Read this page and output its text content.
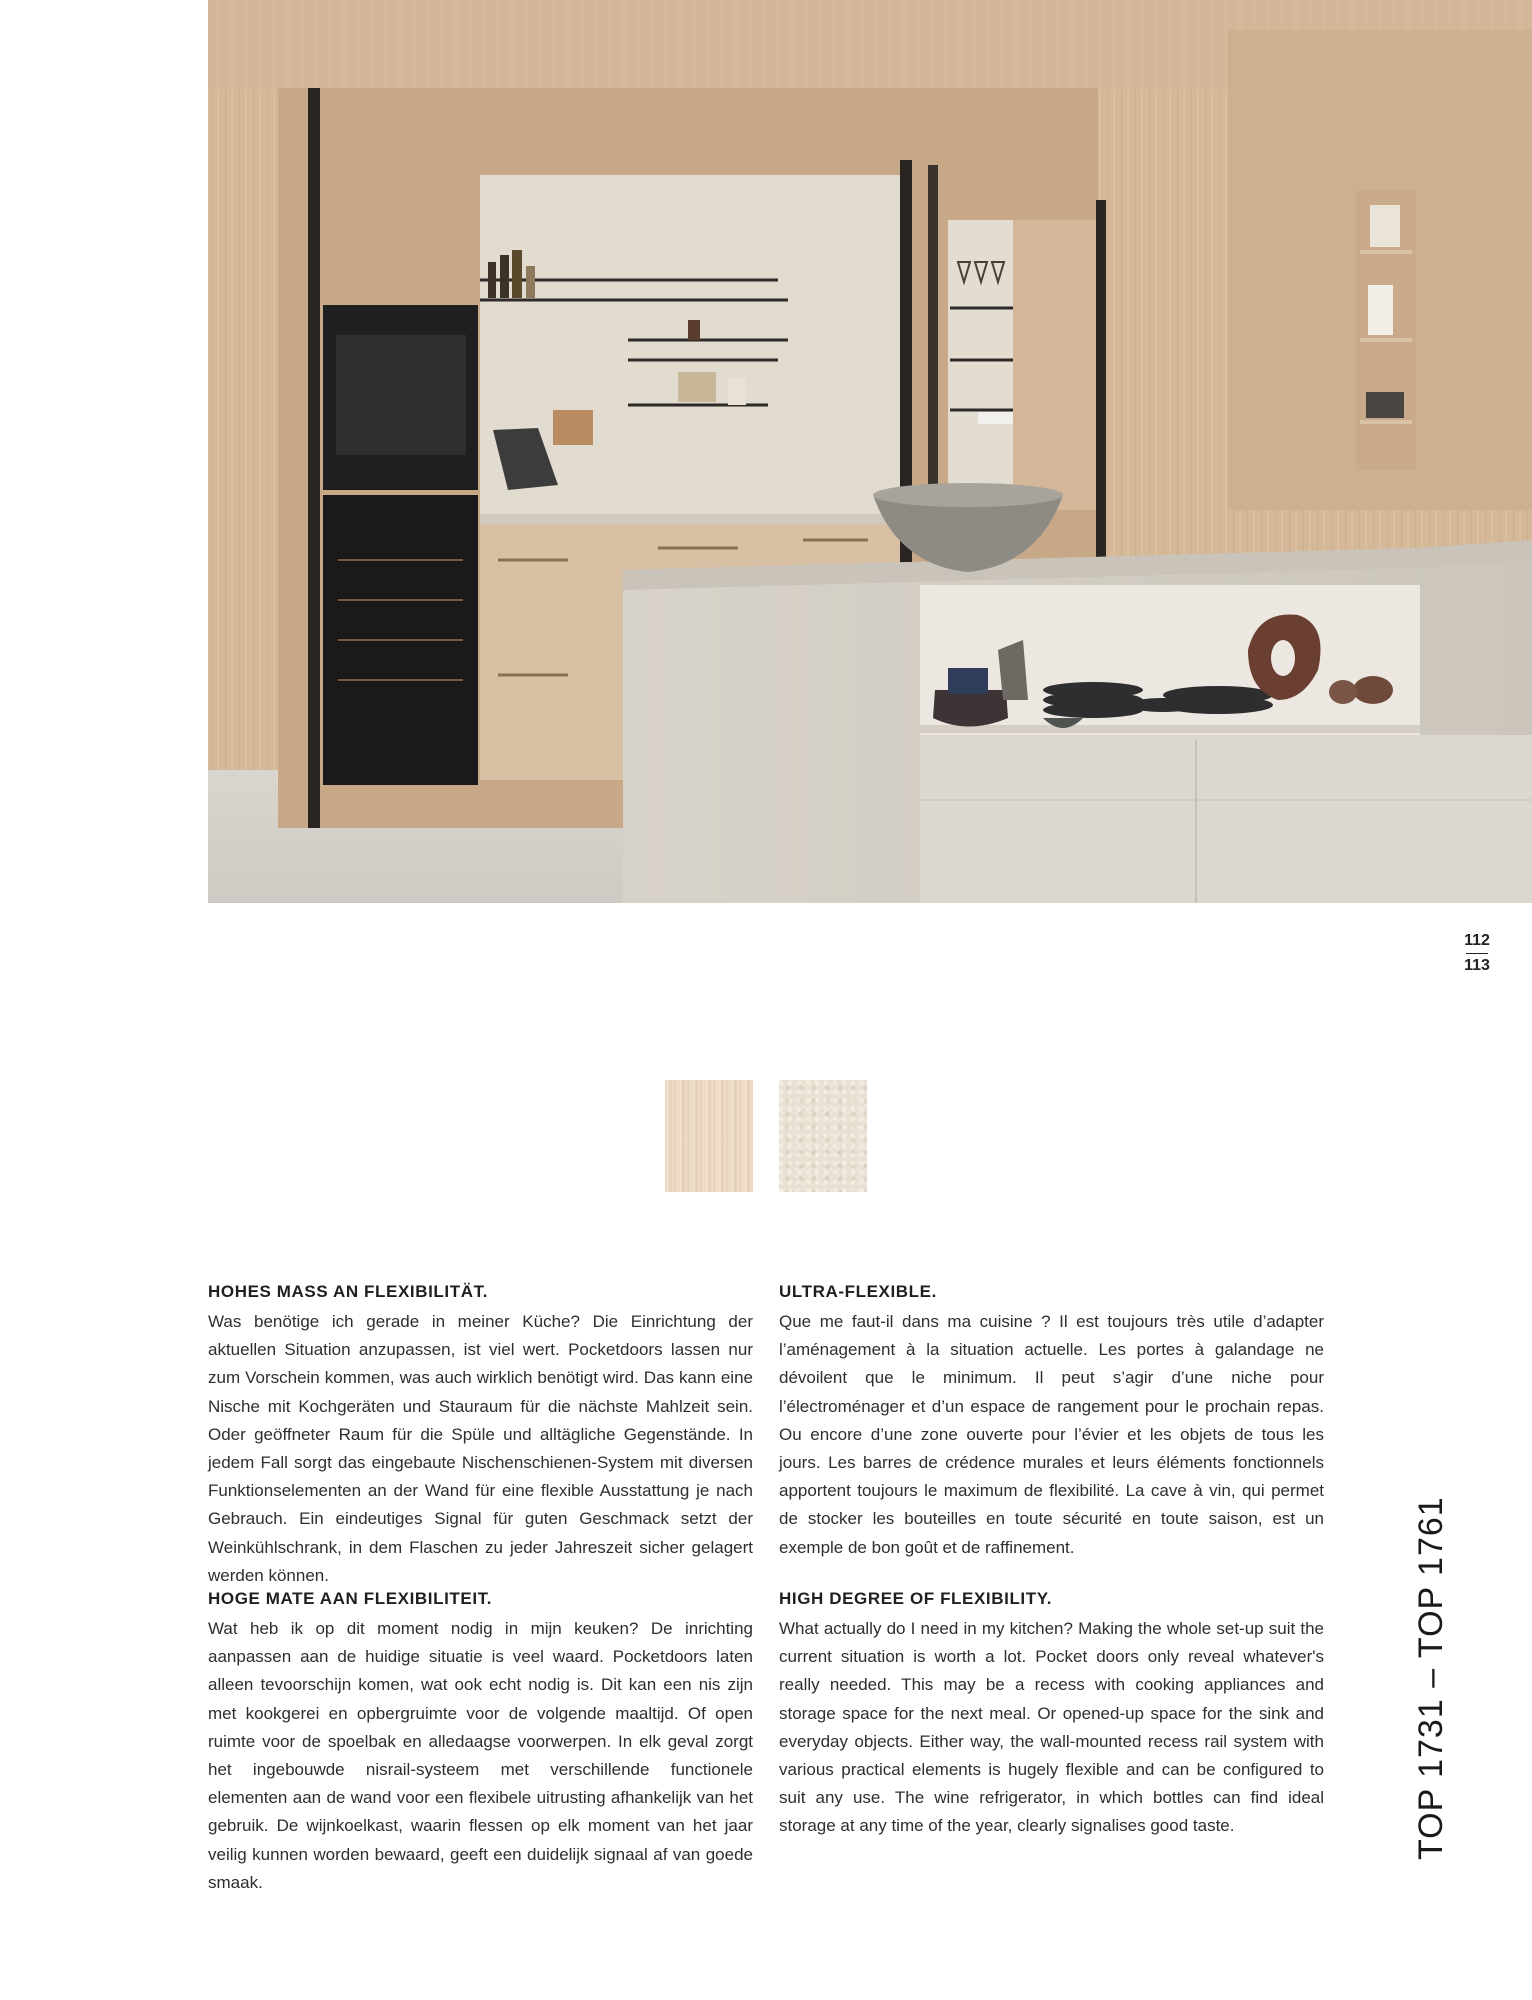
112
113
HOHES MASS AN FLEXIBILITÄT.

Was benötige ich gerade in meiner Küche? Die Einrichtung der aktuellen Situation anzupassen, ist viel wert. Pocketdoors lassen nur zum Vorschein kommen, was auch wirklich benötigt wird. Das kann eine Nische mit Kochgeräten und Stauraum für die nächste Mahlzeit sein. Oder geöffneter Raum für die Spüle und alltägliche Gegenstände. In jedem Fall sorgt das eingebaute Nischenschienen-System mit diversen Funktionselementen an der Wand für eine flexible Ausstattung je nach Gebrauch. Ein eindeutiges Signal für guten Geschmack setzt der Weinkühlschrank, in dem Flaschen zu jeder Jahreszeit sicher gelagert werden können.

HOGE MATE AAN FLEXIBILITEIT.

Wat heb ik op dit moment nodig in mijn keuken? De inrichting aanpassen aan de huidige situatie is veel waard. Pocketdoors laten alleen tevoorschijn komen, wat ook echt nodig is. Dit kan een nis zijn met kookgerei en opbergruimte voor de volgende maaltijd. Of open ruimte voor de spoelbak en alledaagse voorwerpen. In elk geval zorgt het ingebouwde nisrail-systeem met verschillende functionele elementen aan de wand voor een flexibele uitrusting afhankelijk van het gebruik. De wijnkoelkast, waarin flessen op elk moment van het jaar veilig kunnen worden bewaard, geeft een duidelijk signaal af van goede smaak.

ULTRA-FLEXIBLE.

Que me faut-il dans ma cuisine ? Il est toujours très utile d’adapter l’aménagement à la situation actuelle. Les portes à galandage ne dévoilent que le minimum. Il peut s’agir d’une niche pour l’électroménager et d’un espace de rangement pour le prochain repas. Ou encore d’une zone ouverte pour l’évier et les objets de tous les jours. Les barres de crédence murales et leurs éléments fonctionnels apportent toujours le maximum de flexibilité. La cave à vin, qui permet de stocker les bouteilles en toute sécurité en toute saison, est un exemple de bon goût et de raffinement.

HIGH DEGREE OF FLEXIBILITY.

What actually do I need in my kitchen? Making the whole set-up suit the current situation is worth a lot. Pocket doors only reveal whatever's really needed. This may be a recess with cooking appliances and storage space for the next meal. Or opened-up space for the sink and everyday objects. Either way, the wall-mounted recess rail system with various practical elements is hugely flexible and can be configured to suit any use. The wine refrigerator, in which bottles can find ideal storage at any time of the year, clearly signalises good taste.	TOP 1731 – TOP 1761
